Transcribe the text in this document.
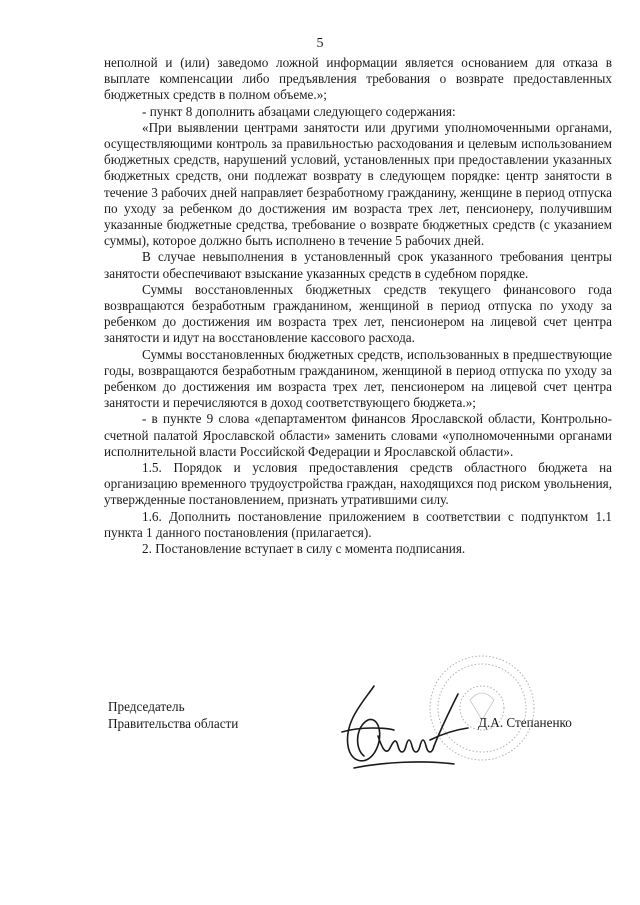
5

неполной и (или) заведомо ложной информации является основанием для отказа в выплате компенсации либо предъявления требования о возврате предоставленных бюджетных средств в полном объеме.»;

- пункт 8 дополнить абзацами следующего содержания:

«При выявлении центрами занятости или другими уполномоченными органами, осуществляющими контроль за правильностью расходования и целевым использованием бюджетных средств, нарушений условий, установленных при предоставлении указанных бюджетных средств, они подлежат возврату в следующем порядке: центр занятости в течение 3 рабочих дней направляет безработному гражданину, женщине в период отпуска по уходу за ребенком до достижения им возраста трех лет, пенсионеру, получившим указанные бюджетные средства, требование о возврате бюджетных средств (с указанием суммы), которое должно быть исполнено в течение 5 рабочих дней.

В случае невыполнения в установленный срок указанного требования центры занятости обеспечивают взыскание указанных средств в судебном порядке.

Суммы восстановленных бюджетных средств текущего финансового года возвращаются безработным гражданином, женщиной в период отпуска по уходу за ребенком до достижения им возраста трех лет, пенсионером на лицевой счет центра занятости и идут на восстановление кассового расхода.

Суммы восстановленных бюджетных средств, использованных в предшествующие годы, возвращаются безработным гражданином, женщиной в период отпуска по уходу за ребенком до достижения им возраста трех лет, пенсионером на лицевой счет центра занятости и перечисляются в доход соответствующего бюджета.»;

- в пункте 9 слова «департаментом финансов Ярославской области, Контрольно-счетной палатой Ярославской области» заменить словами «уполномоченными органами исполнительной власти Российской Федерации и Ярославской области».

1.5. Порядок и условия предоставления средств областного бюджета на организацию временного трудоустройства граждан, находящихся под риском увольнения, утвержденные постановлением, признать утратившими силу.

1.6. Дополнить постановление приложением в соответствии с подпунктом 1.1 пункта 1 данного постановления (прилагается).

2. Постановление вступает в силу с момента подписания.

Председатель
Правительства области	Д.А. Степаненко
